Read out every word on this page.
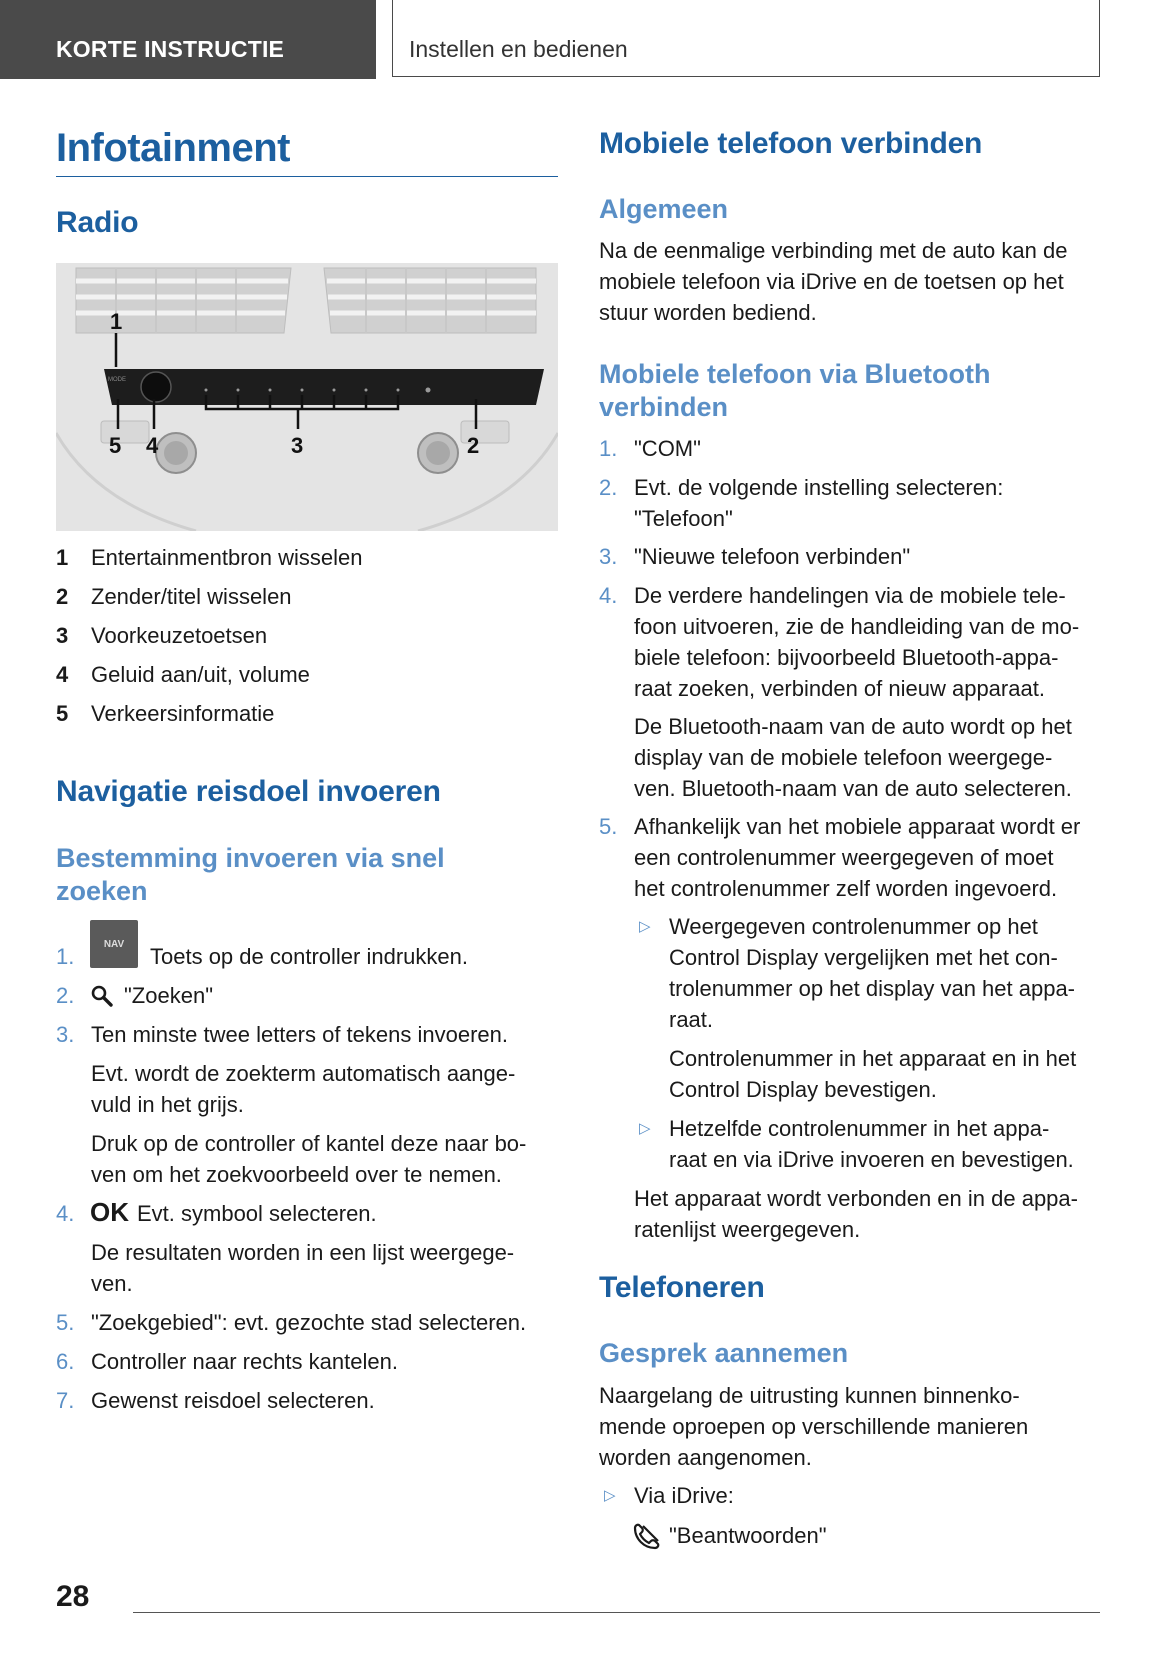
KORTE INSTRUCTIE	Instellen en bedienen
Infotainment
Radio
MODE
1
5 4	3	2
1 Entertainmentbron wisselen
2 Zender/titel wisselen
3 Voorkeuzetoetsen
4 Geluid aan/uit, volume
5 Verkeersinformatie
Navigatie reisdoel invoeren
Bestemming invoeren via snel
zoeken
1.	NAV	Toets op de controller indrukken.
2. "Zoeken"
3. Ten minste twee letters of tekens invoeren.
Evt. wordt de zoekterm automatisch aange-
vuld in het grijs.
Druk op de controller of kantel deze naar bo-
ven om het zoekvoorbeeld over te nemen.
4. OK Evt. symbool selecteren.
De resultaten worden in een lijst weergege-
ven.
5. "Zoekgebied": evt. gezochte stad selecteren.
6. Controller naar rechts kantelen.
7. Gewenst reisdoel selecteren.
Mobiele telefoon verbinden
Algemeen
Na de eenmalige verbinding met de auto kan de
mobiele telefoon via iDrive en de toetsen op het
stuur worden bediend.
Mobiele telefoon via Bluetooth
verbinden
1. "COM"
2. Evt. de volgende instelling selecteren:
"Telefoon"
3. "Nieuwe telefoon verbinden"
4. De verdere handelingen via de mobiele tele-
foon uitvoeren, zie de handleiding van de mo-
biele telefoon: bijvoorbeeld Bluetooth-appa-
raat zoeken, verbinden of nieuw apparaat.
De Bluetooth-naam van de auto wordt op het
display van de mobiele telefoon weergege-
ven. Bluetooth-naam van de auto selecteren.
5. Afhankelijk van het mobiele apparaat wordt er
een controlenummer weergegeven of moet
het controlenummer zelf worden ingevoerd.
▷ Weergegeven controlenummer op het
Control Display vergelijken met het con-
trolenummer op het display van het appa-
raat.
Controlenummer in het apparaat en in het
Control Display bevestigen.
▷ Hetzelfde controlenummer in het appa-
raat en via iDrive invoeren en bevestigen.
Het apparaat wordt verbonden en in de appa-
ratenlijst weergegeven.
Telefoneren
Gesprek aannemen
Naargelang de uitrusting kunnen binnenko-
mende oproepen op verschillende manieren
worden aangenomen.
▷ Via iDrive:
"Beantwoorden"
28
